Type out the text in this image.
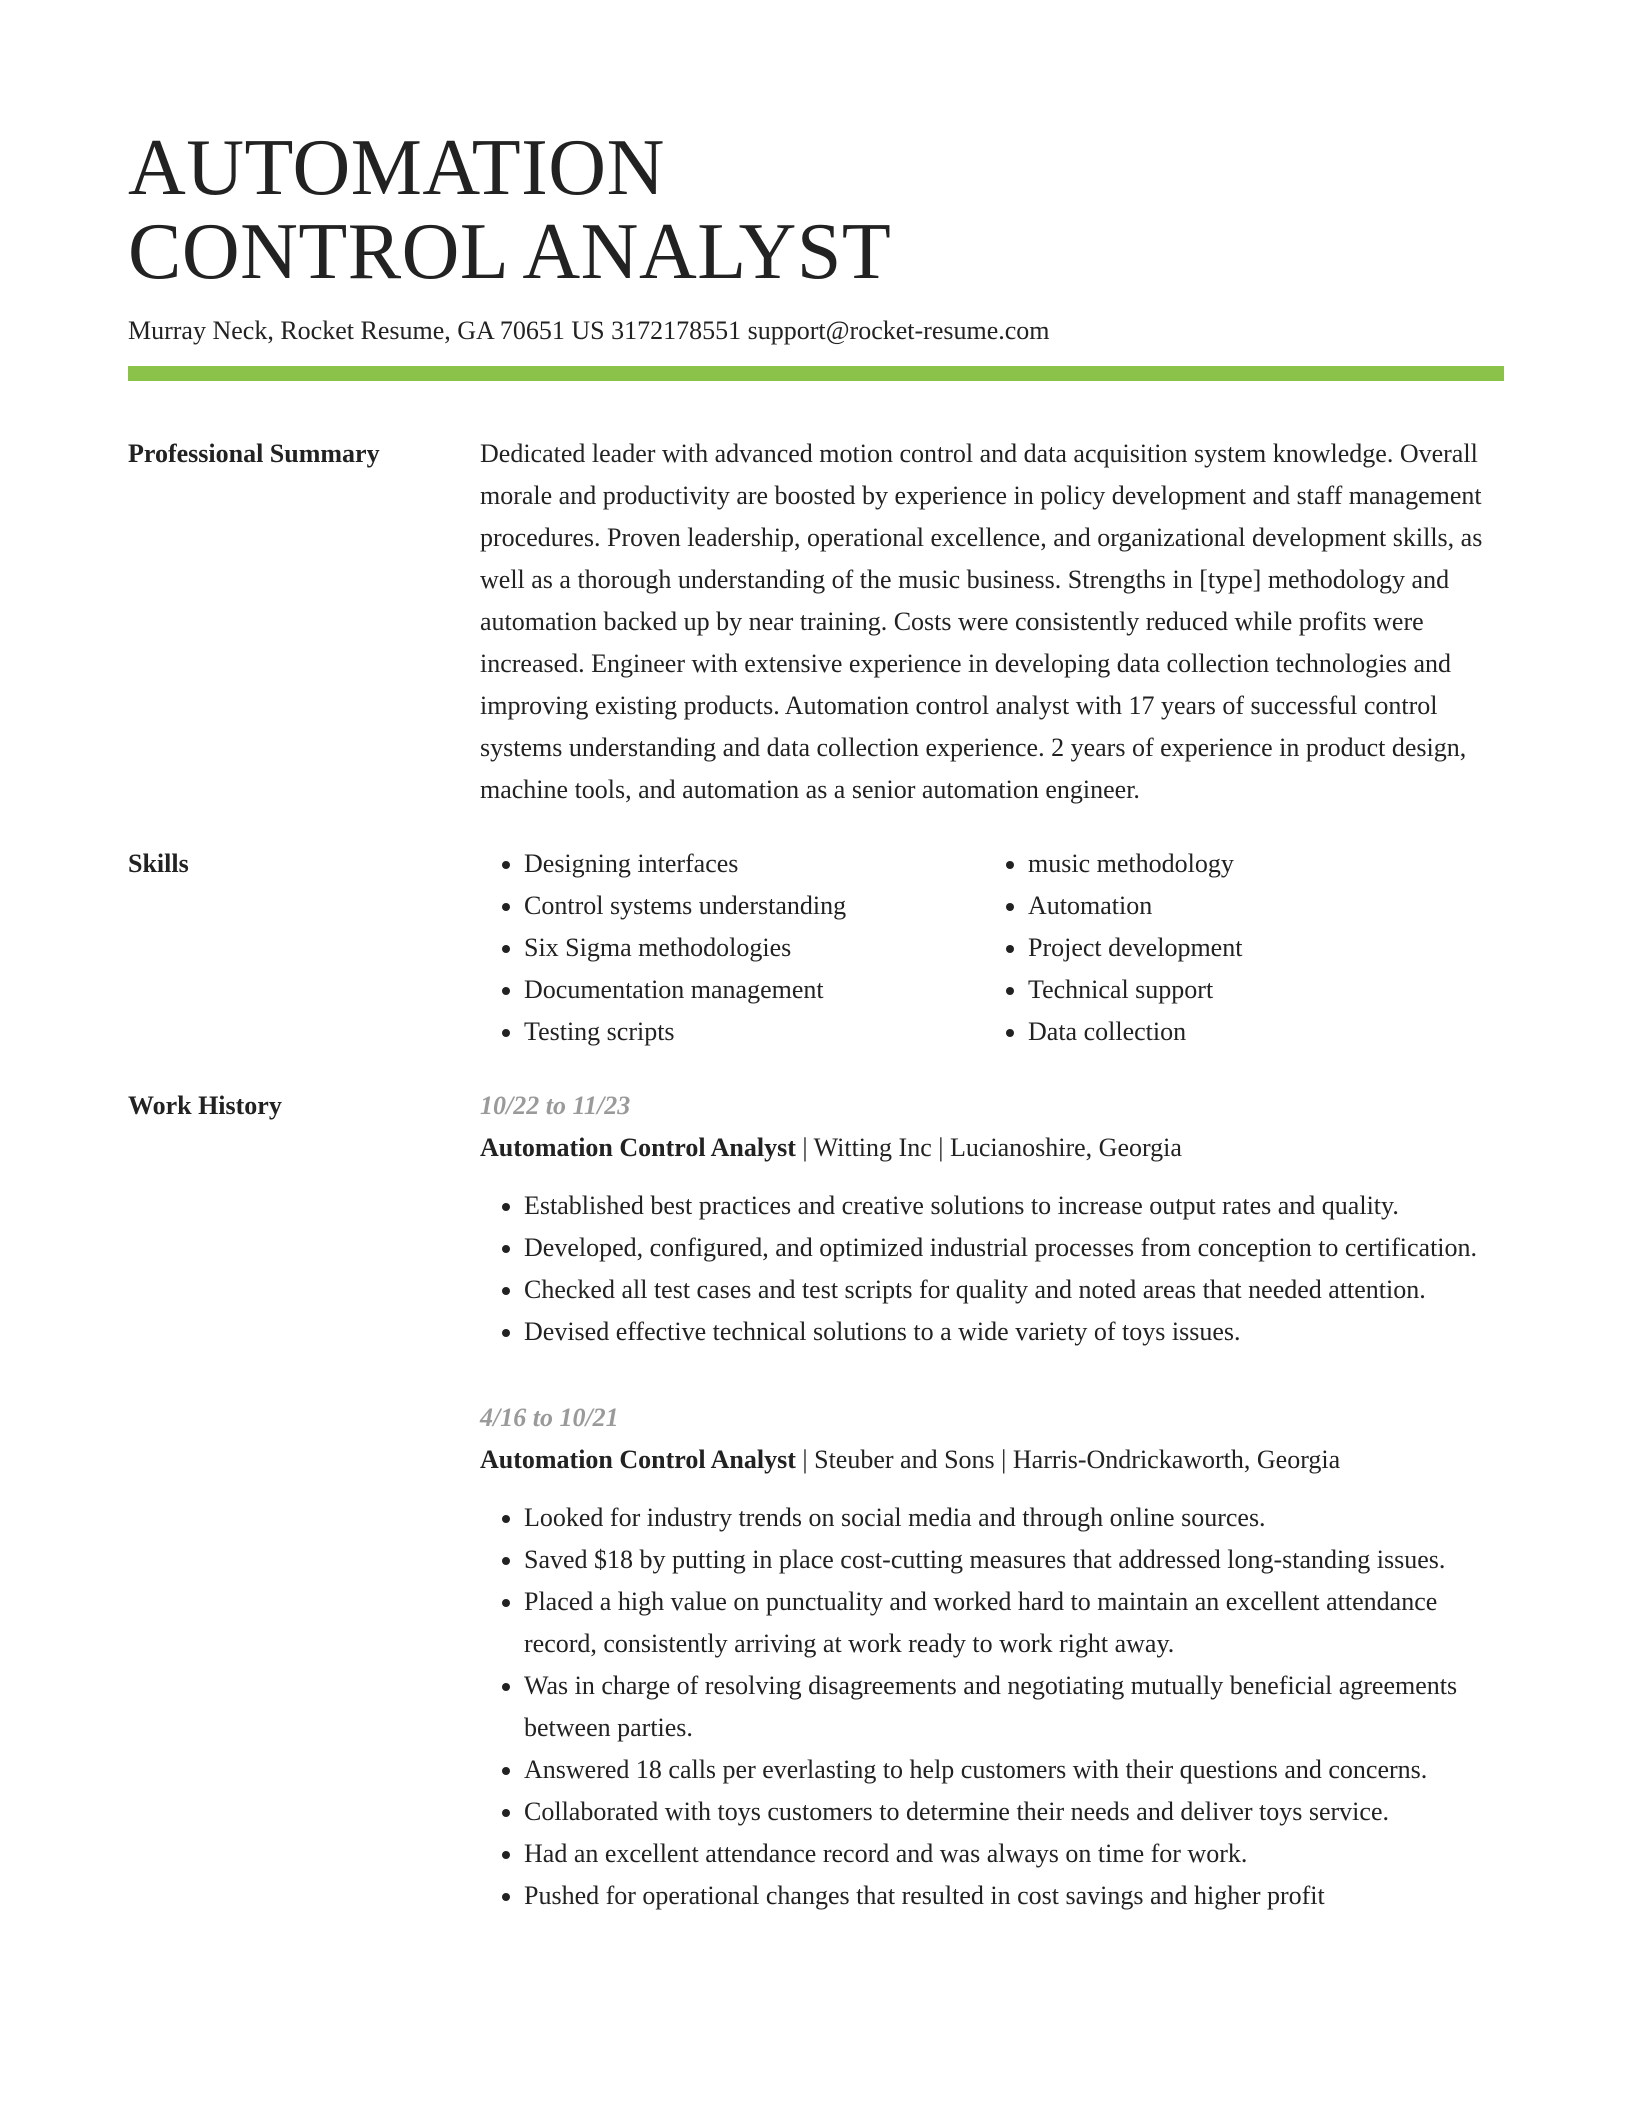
AUTOMATION
CONTROL ANALYST
Murray Neck, Rocket Resume, GA 70651 US 3172178551 support@rocket-resume.com
Professional Summary	Dedicated leader with advanced motion control and data acquisition system knowledge. Overall morale and productivity are boosted by experience in policy development and staff management procedures. Proven leadership, operational excellence, and organizational development skills, as well as a thorough understanding of the music business. Strengths in [type] methodology and automation backed up by near training. Costs were consistently reduced while profits were increased. Engineer with extensive experience in developing data collection technologies and improving existing products. Automation control analyst with 17 years of successful control systems understanding and data collection experience. 2 years of experience in product design, machine tools, and automation as a senior automation engineer.

Skills	• Designing interfaces
• Control systems understanding
• Six Sigma methodologies
• Documentation management
• Testing scripts
• music methodology
• Automation
• Project development
• Technical support
• Data collection
Work History	10/22 to 11/23
Automation Control Analyst | Witting Inc | Lucianoshire, Georgia
• Established best practices and creative solutions to increase output rates and quality.
• Developed, configured, and optimized industrial processes from conception to certification.
• Checked all test cases and test scripts for quality and noted areas that needed attention.
• Devised effective technical solutions to a wide variety of toys issues.
4/16 to 10/21
Automation Control Analyst | Steuber and Sons | Harris-Ondrickaworth, Georgia
• Looked for industry trends on social media and through online sources.
• Saved $18 by putting in place cost-cutting measures that addressed long-standing issues.
• Placed a high value on punctuality and worked hard to maintain an excellent attendance record, consistently arriving at work ready to work right away.
• Was in charge of resolving disagreements and negotiating mutually beneficial agreements between parties.
• Answered 18 calls per everlasting to help customers with their questions and concerns.
• Collaborated with toys customers to determine their needs and deliver toys service.
• Had an excellent attendance record and was always on time for work.
• Pushed for operational changes that resulted in cost savings and higher profit
